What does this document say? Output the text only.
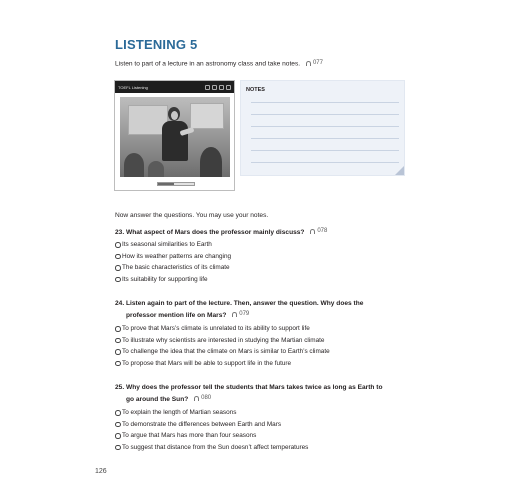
LISTENING 5
Listen to part of a lecture in an astronomy class and take notes. 077
TOEFL Listening	NOTES
Now answer the questions. You may use your notes.
23. What aspect of Mars does the professor mainly discuss? 078
Its seasonal similarities to Earth
How its weather patterns are changing
The basic characteristics of its climate
Its suitability for supporting life
24. Listen again to part of the lecture. Then, answer the question. Why does the
professor mention life on Mars? 079
To prove that Mars’s climate is unrelated to its ability to support life
To illustrate why scientists are interested in studying the Martian climate
To challenge the idea that the climate on Mars is similar to Earth’s climate
To propose that Mars will be able to support life in the future
25. Why does the professor tell the students that Mars takes twice as long as Earth to
go around the Sun? 080
To explain the length of Martian seasons
To demonstrate the differences between Earth and Mars
To argue that Mars has more than four seasons
To suggest that distance from the Sun doesn’t affect temperatures
126
